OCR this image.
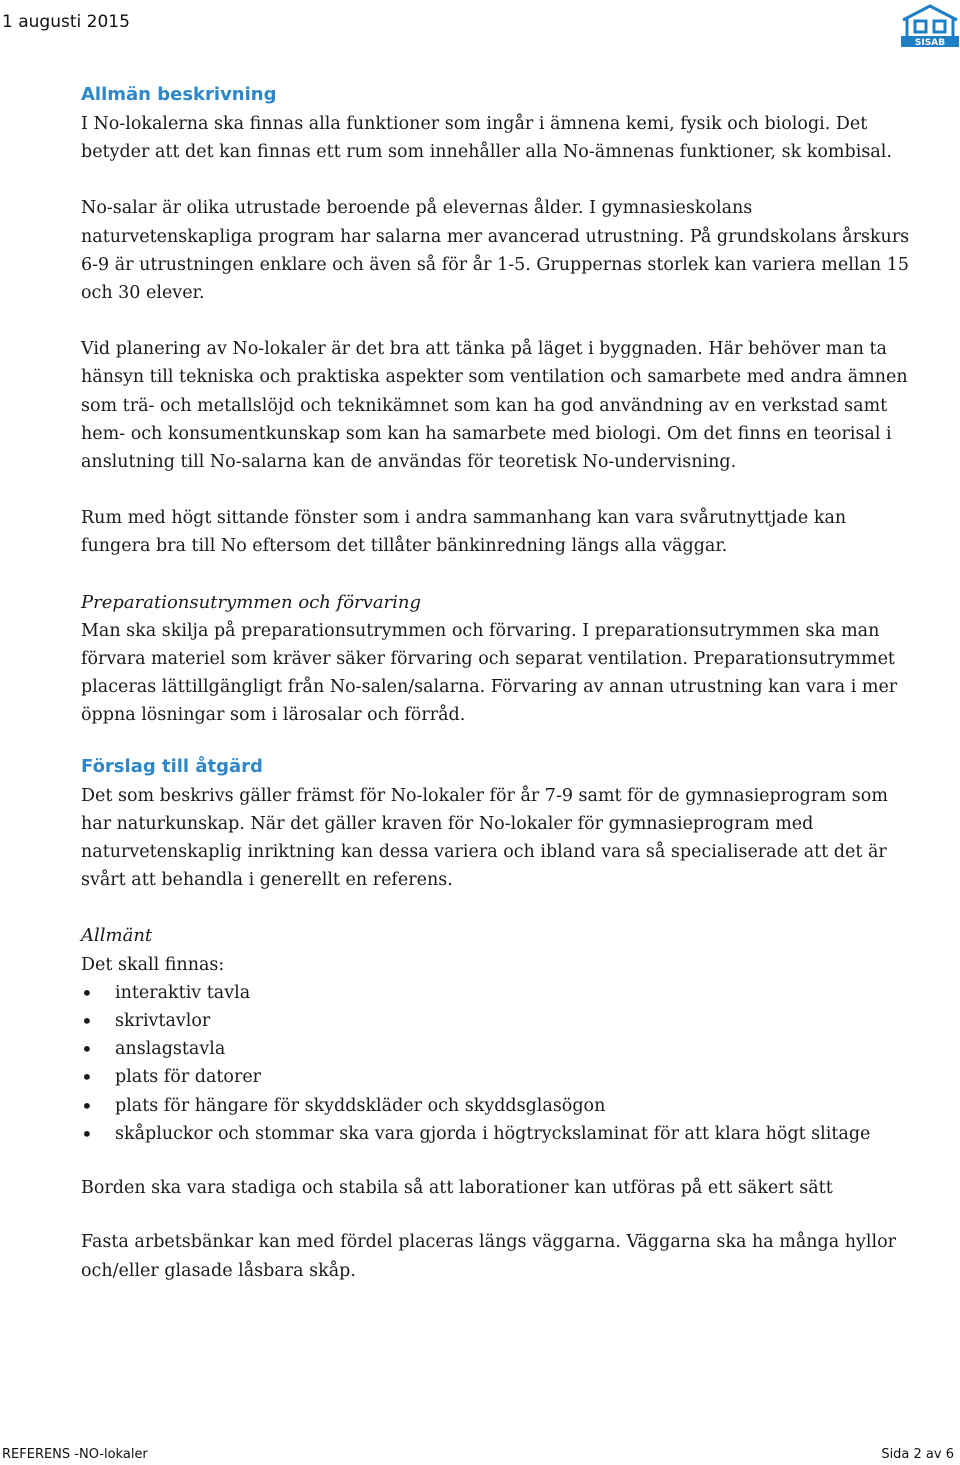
1 augusti 2015
SISAB
Allmän beskrivning

I No-lokalerna ska finnas alla funktioner som ingår i ämnena kemi, fysik och biologi. Det betyder att det kan finnas ett rum som innehåller alla No-ämnenas funktioner, sk kombisal.

No-salar är olika utrustade beroende på elevernas ålder. I gymnasieskolans naturvetenskapliga program har salarna mer avancerad utrustning. På grundskolans årskurs 6-9 är utrustningen enklare och även så för år 1-5. Gruppernas storlek kan variera mellan 15 och 30 elever.

Vid planering av No-lokaler är det bra att tänka på läget i byggnaden. Här behöver man ta hänsyn till tekniska och praktiska aspekter som ventilation och samarbete med andra ämnen som trä- och metallslöjd och teknikämnet som kan ha god användning av en verkstad samt hem- och konsumentkunskap som kan ha samarbete med biologi. Om det finns en teorisal i anslutning till No-salarna kan de användas för teoretisk No-undervisning.

Rum med högt sittande fönster som i andra sammanhang kan vara svårutnyttjade kan fungera bra till No eftersom det tillåter bänkinredning längs alla väggar.

Preparationsutrymmen och förvaring

Man ska skilja på preparationsutrymmen och förvaring. I preparationsutrymmen ska man förvara materiel som kräver säker förvaring och separat ventilation. Preparationsutrymmet placeras lättillgängligt från No-salen/salarna. Förvaring av annan utrustning kan vara i mer öppna lösningar som i lärosalar och förråd.

Förslag till åtgärd

Det som beskrivs gäller främst för No-lokaler för år 7-9 samt för de gymnasieprogram som har naturkunskap. När det gäller kraven för No-lokaler för gymnasieprogram med naturvetenskaplig inriktning kan dessa variera och ibland vara så specialiserade att det är svårt att behandla i generellt en referens.

Allmänt

Det skall finnas:

• interaktiv tavla
• skrivtavlor
• anslagstavla
• plats för datorer
• plats för hängare för skyddskläder och skyddsglasögon
• skåpluckor och stommar ska vara gjorda i högtryckslaminat för att klara högt slitage

Borden ska vara stadiga och stabila så att laborationer kan utföras på ett säkert sätt

Fasta arbetsbänkar kan med fördel placeras längs väggarna. Väggarna ska ha många hyllor och/eller glasade låsbara skåp.

REFERENS -NO-lokaler	Sida 2 av 6
